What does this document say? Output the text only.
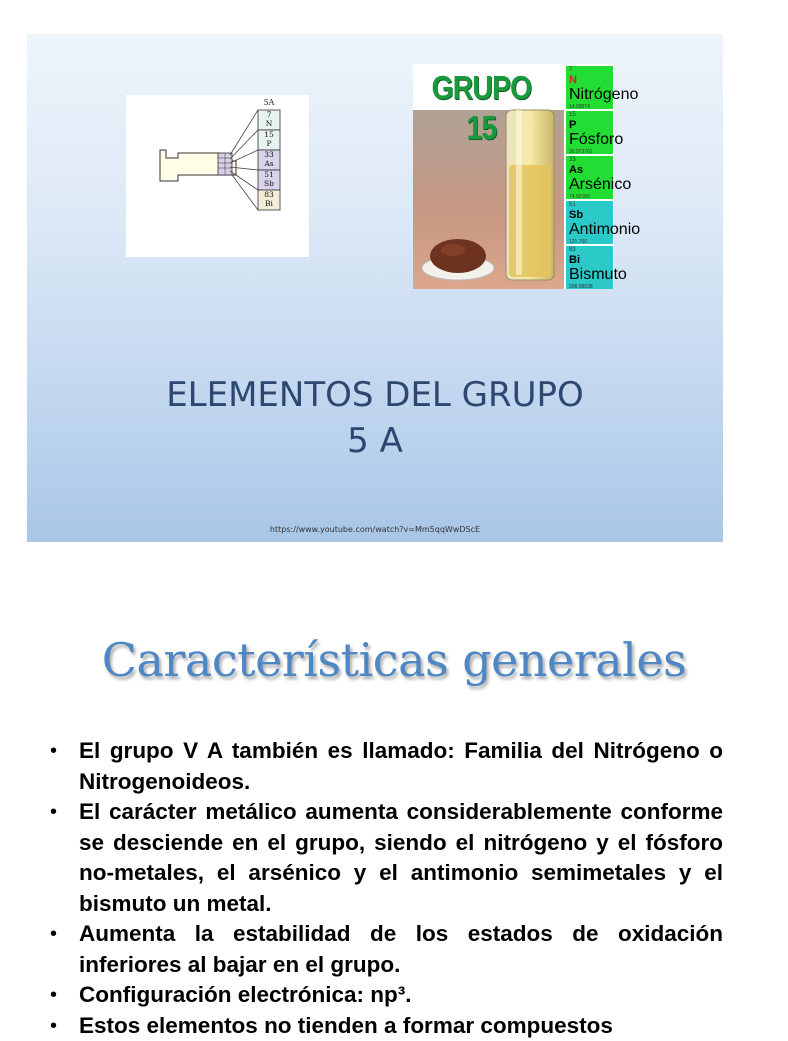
5A
7
N
15
P
33
As
51
Sb
83
Bi
GRUPO 15
7
N
Nitrógeno
14.00674
15
P
Fósforo
30.973761
33
As
Arsénico
74.92160
51
Sb
Antimonio
121.760
83
Bi
Bismuto
208.98038
ELEMENTOS DEL GRUPO
5 A
https://www.youtube.com/watch?v=Mm5qqWwDScE
Características generales
• El grupo V A también es llamado: Familia del Nitrógeno o Nitrogenoideos.
• El carácter metálico aumenta considerablemente conforme se desciende en el grupo, siendo el nitrógeno y el fósforo no-metales, el arsénico y el antimonio semimetales y el bismuto un metal.
• Aumenta la estabilidad de los estados de oxidación inferiores al bajar en el grupo.
• Configuración electrónica: np³.
• Estos elementos no tienden a formar compuestos
